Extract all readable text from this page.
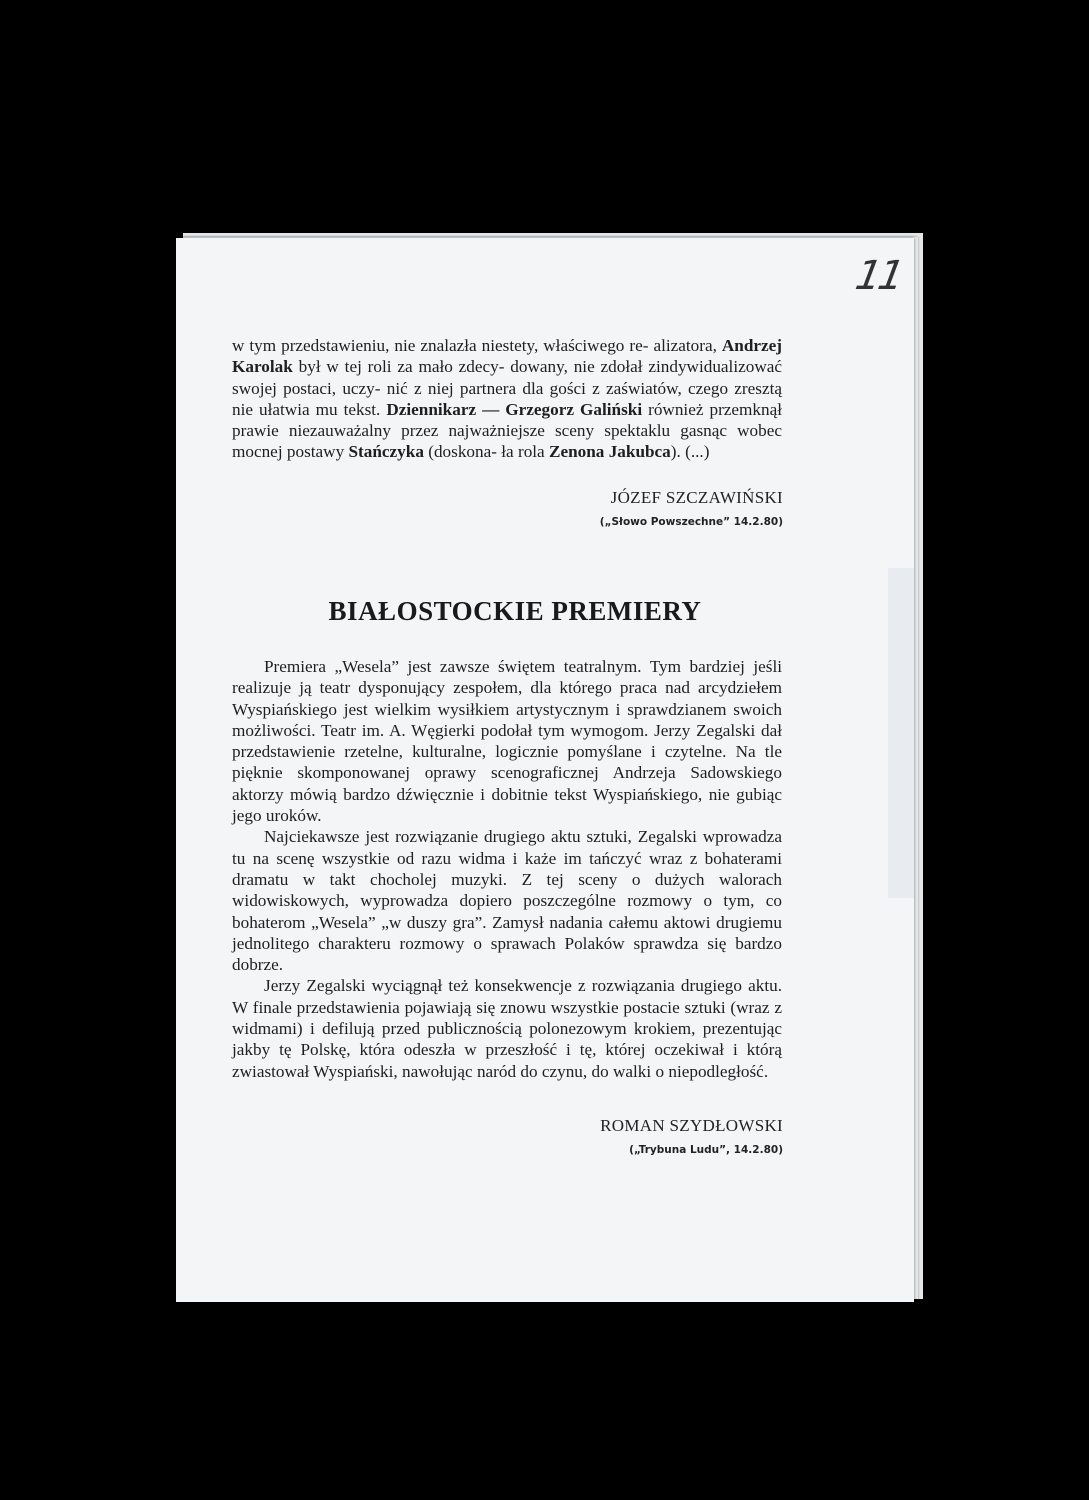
11

w tym przedstawieniu, nie znalazła niestety, właściwego re- alizatora, Andrzej Karolak był w tej roli za mało zdecy- dowany, nie zdołał zindywidualizować swojej postaci, uczy- nić z niej partnera dla gości z zaświatów, czego zresztą nie ułatwia mu tekst. Dziennikarz — Grzegorz Galiński również przemknął prawie niezauważalny przez najważniejsze sceny spektaklu gasnąc wobec mocnej postawy Stańczyka (doskona- ła rola Zenona Jakubca). (...)

JÓZEF SZCZAWIŃSKI
(„Słowo Powszechne” 14.2.80)
BIAŁOSTOCKIE PREMIERY

Premiera „Wesela” jest zawsze świętem teatralnym. Tym bardziej jeśli realizuje ją teatr dysponujący zespołem, dla którego praca nad arcydziełem Wyspiańskiego jest wielkim wysiłkiem artystycznym i sprawdzianem swoich możliwości. Teatr im. A. Węgierki podołał tym wymogom. Jerzy Zegalski dał przedstawienie rzetelne, kulturalne, logicznie pomyślane i czytelne. Na tle pięknie skomponowanej oprawy scenograficznej Andrzeja Sadowskiego aktorzy mówią bardzo dźwięcznie i dobitnie tekst Wyspiańskiego, nie gubiąc jego uroków.

Najciekawsze jest rozwiązanie drugiego aktu sztuki, Zegalski wprowadza tu na scenę wszystkie od razu widma i każe im tańczyć wraz z bohaterami dramatu w takt chocholej muzyki. Z tej sceny o dużych walorach widowiskowych, wyprowadza dopiero poszczególne rozmowy o tym, co bohaterom „Wesela” „w duszy gra”. Zamysł nadania całemu aktowi drugiemu jednolitego charakteru rozmowy o sprawach Polaków sprawdza się bardzo dobrze.

Jerzy Zegalski wyciągnął też konsekwencje z rozwiązania drugiego aktu. W finale przedstawienia pojawiają się znowu wszystkie postacie sztuki (wraz z widmami) i defilują przed publicznością polonezowym krokiem, prezentując jakby tę Polskę, która odeszła w przeszłość i tę, której oczekiwał i którą zwiastował Wyspiański, nawołując naród do czynu, do walki o niepodległość.

ROMAN SZYDŁOWSKI
(„Trybuna Ludu”, 14.2.80)
